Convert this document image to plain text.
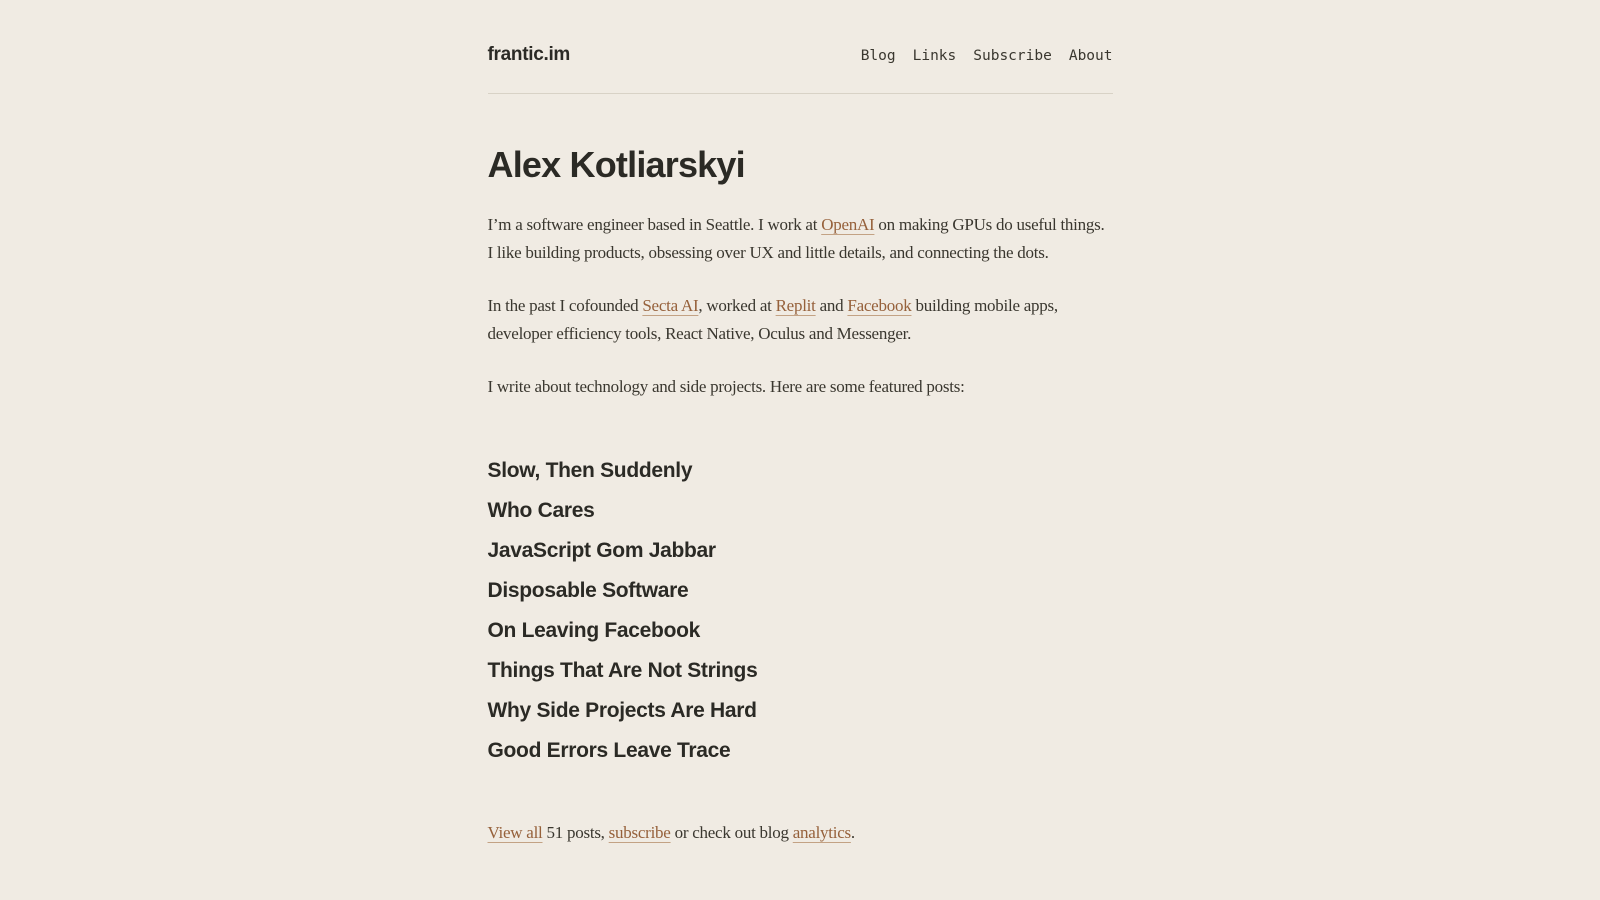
frantic.im	Blog Links Subscribe About
Alex Kotliarskyi

I’m a software engineer based in Seattle. I work at OpenAI on making GPUs do useful things. I like building products, obsessing over UX and little details, and connecting the dots.

In the past I cofounded Secta AI, worked at Replit and Facebook building mobile apps, developer efficiency tools, React Native, Oculus and Messenger.

I write about technology and side projects. Here are some featured posts:

Slow, Then Suddenly
Who Cares
JavaScript Gom Jabbar
Disposable Software
On Leaving Facebook
Things That Are Not Strings
Why Side Projects Are Hard
Good Errors Leave Trace

View all 51 posts, subscribe or check out blog analytics.
